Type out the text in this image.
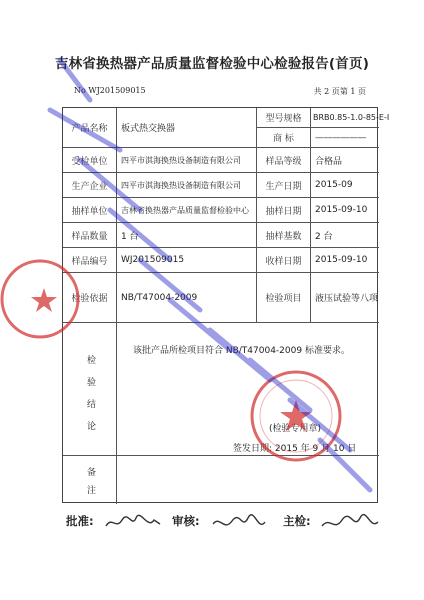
吉林省换热器产品质量监督检验中心检验报告(首页)
No WJ201509015	共 2 页第 1 页
产品名称	板式热交换器
型号规格	BRB0.85-1.0-85-E-I
商 标	——————
受检单位	四平市淇海换热设备制造有限公司	样品等级	合格品
生产企业	四平市淇海换热设备制造有限公司	生产日期	2015-09
抽样单位	吉林省换热器产品质量监督检验中心	抽样日期	2015-09-10
样品数量	1 台	抽样基数	2 台
样品编号	WJ201509015	收样日期	2015-09-10
检验依据	NB/T47004-2009	检验项目	液压试验等八项
检
验
结
论
该批产品所检项目符合 NB/T47004-2009 标准要求。
(检验专用章)
签发日期: 2015 年 9 月 10 日
备
注
批准:	审核:	主检:
